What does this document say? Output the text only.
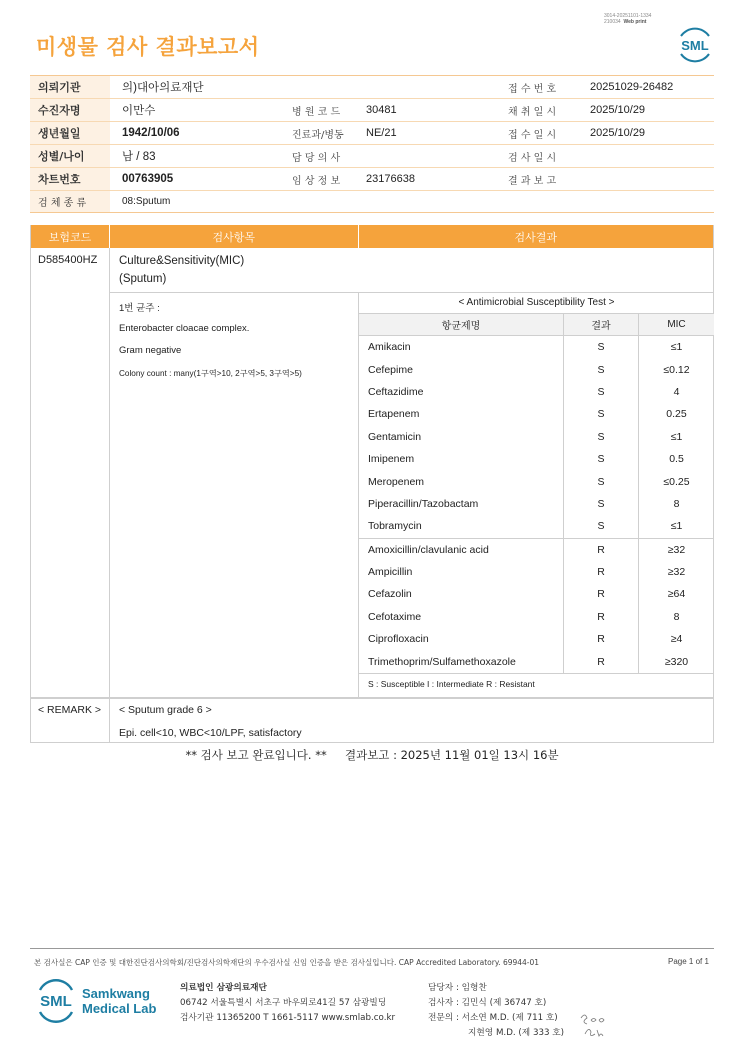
3014-20251101-1334
210034 Web print
미생물 검사 결과보고서	SML
의뢰기관	의)대아의료재단	접 수 번 호	20251029-26482
수진자명	이만수	병 원 코 드	30481	채 취 일 시	2025/10/29
생년월일	1942/10/06	진료과/병동	NE/21	접 수 일 시	2025/10/29
성별/나이	남 / 83	담 당 의 사	검 사 일 시
차트번호	00763905	임 상 정 보	23176638	결 과 보 고
검 체 종 류	08:Sputum
보험코드	검사항목	검사결과
D585400HZ	Culture&Sensitivity(MIC)
(Sputum)
1번 균주 :
Enterobacter cloacae complex.
Gram negative
Colony count : many(1구역>10, 2구역>5, 3구역>5)
< Antimicrobial Susceptibility Test >
항균제명	결과	MIC
Amikacin	S	≤1
Cefepime	S	≤0.12
Ceftazidime	S	4
Ertapenem	S	0.25
Gentamicin	S	≤1
Imipenem	S	0.5
Meropenem	S	≤0.25
Piperacillin/Tazobactam	S	8
Tobramycin	S	≤1
Amoxicillin/clavulanic acid	R	≥32
Ampicillin	R	≥32
Cefazolin	R	≥64
Cefotaxime	R	8
Ciprofloxacin	R	≥4
Trimethoprim/Sulfamethoxazole	R	≥320
S : Susceptible I : Intermediate R : Resistant
< REMARK >	< Sputum grade 6 >
Epi. cell<10, WBC<10/LPF, satisfactory
** 검사 보고 완료입니다. **     결과보고 : 2025년 11월 01일 13시 16분
본 검사실은 CAP 인증 및 대한진단검사의학회/진단검사의학재단의 우수검사실 신임 인증을 받은 검사실입니다. CAP Accredited Laboratory. 69944-01	Page 1 of 1
SML Samkwang
Medical Lab
의료법인 삼광의료재단
06742 서울특별시 서초구 바우뫼로41길 57 삼광빌딩
검사기관 11365200 T 1661-5117 www.smlab.co.kr
담당자 : 임형찬
검사자 : 김민식 (제 36747 호)
전문의 : 서소연 M.D. (제 711 호)
지현영 M.D. (제 333 호)
